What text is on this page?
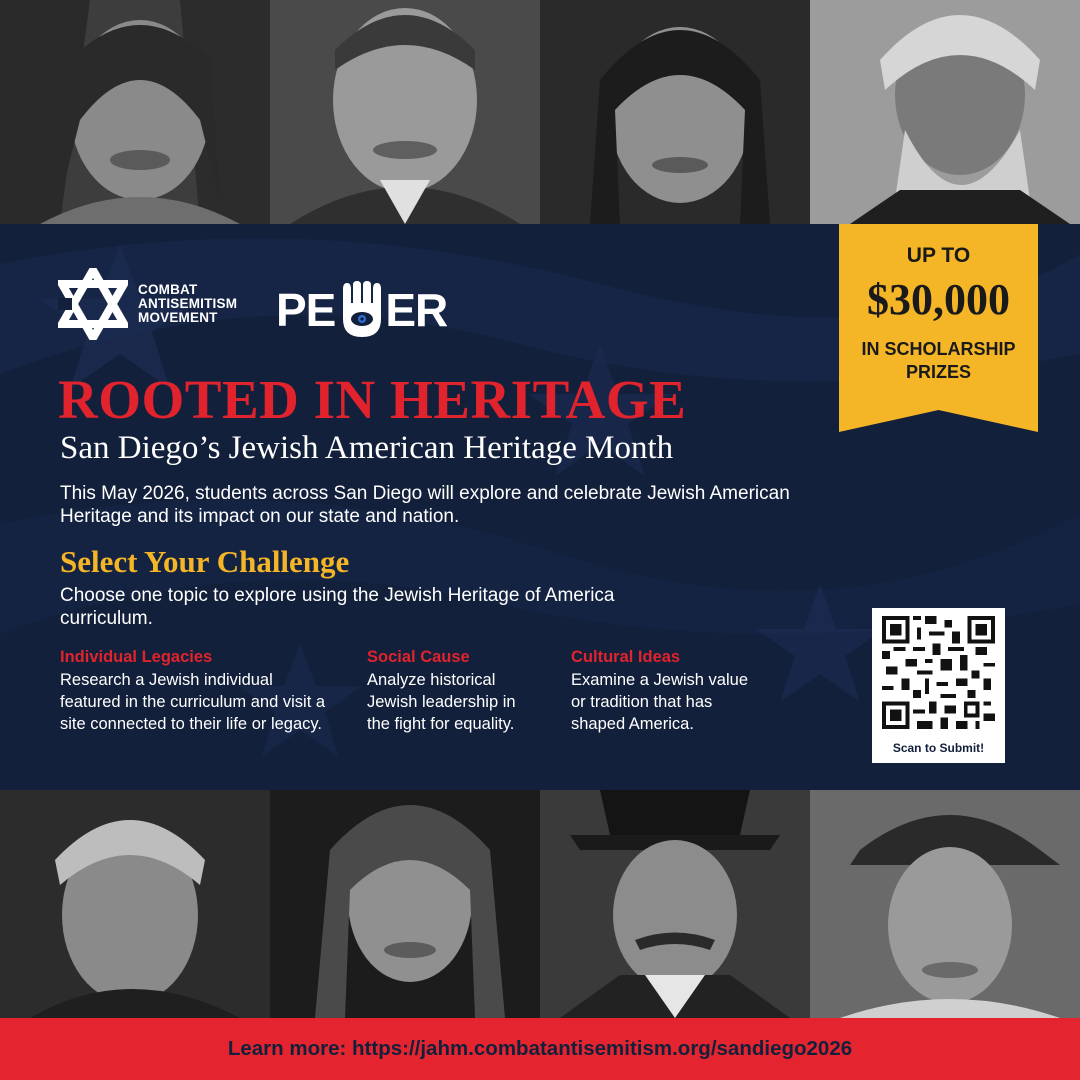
COMBAT
ANTISEMITISM
MOVEMENT	PE ER
UP TO
$30,000
IN SCHOLARSHIP
PRIZES
ROOTED IN HERITAGE
San Diego’s Jewish American Heritage Month
This May 2026, students across San Diego will explore and celebrate Jewish American Heritage and its impact on our state and nation.
Select Your Challenge
Choose one topic to explore using the Jewish Heritage of America curriculum.
Individual Legacies
Research a Jewish individual featured in the curriculum and visit a site connected to their life or legacy.
Social Cause
Analyze historical Jewish leadership in the fight for equality.
Cultural Ideas
Examine a Jewish value or tradition that has shaped America.
Scan to Submit!
Learn more: https://jahm.combatantisemitism.org/sandiego2026
